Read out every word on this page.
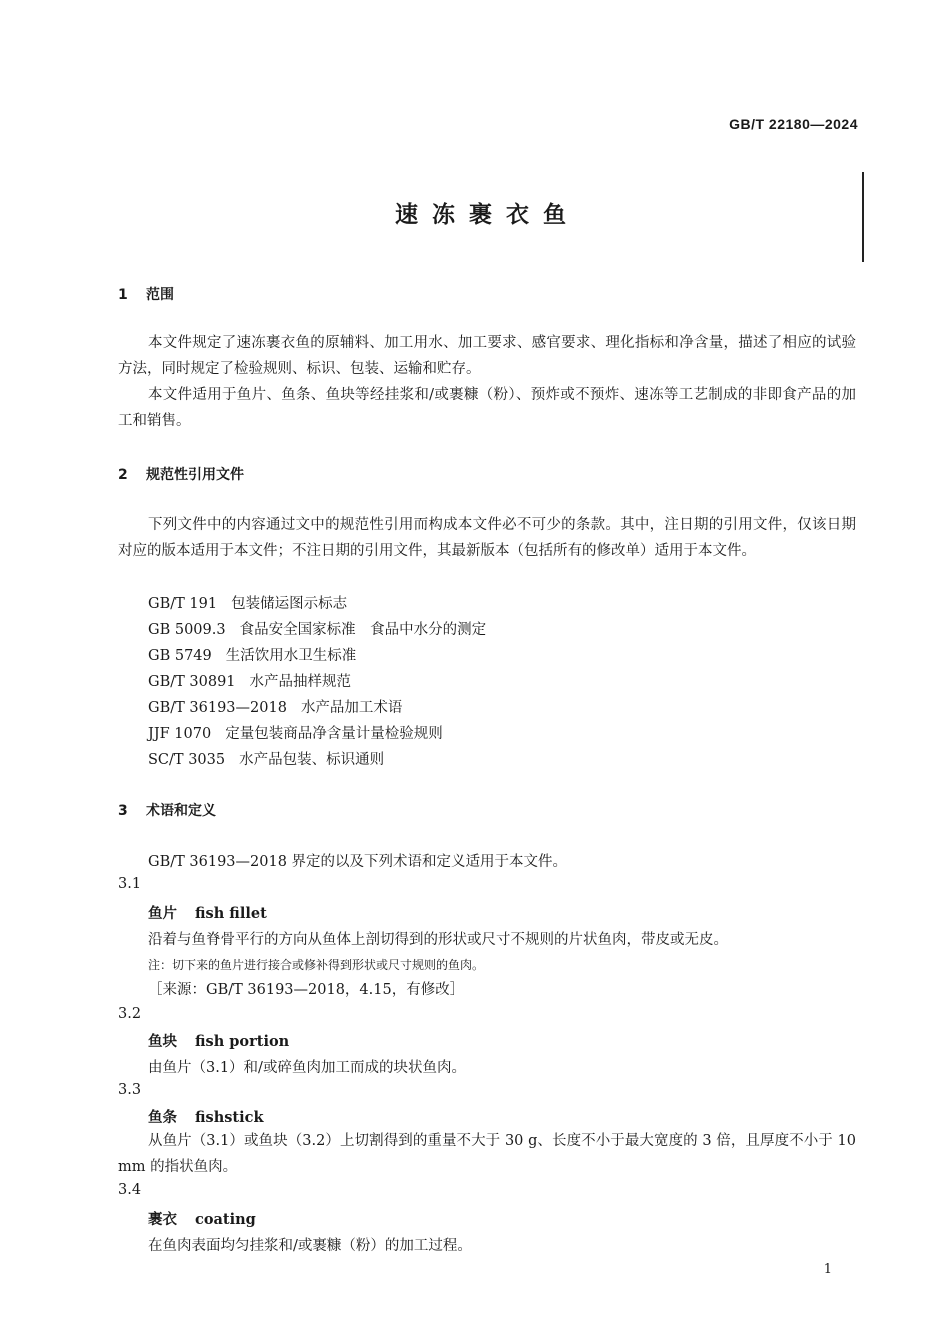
GB/T 22180—2024
速冻裹衣鱼
1 范围
本文件规定了速冻裹衣鱼的原辅料、加工用水、加工要求、感官要求、理化指标和净含量，描述了相应的试验方法，同时规定了检验规则、标识、包装、运输和贮存。
本文件适用于鱼片、鱼条、鱼块等经挂浆和/或裹糠（粉）、预炸或不预炸、速冻等工艺制成的非即食产品的加工和销售。
2 规范性引用文件
下列文件中的内容通过文中的规范性引用而构成本文件必不可少的条款。其中，注日期的引用文件，仅该日期对应的版本适用于本文件；不注日期的引用文件，其最新版本（包括所有的修改单）适用于本文件。
GB/T 191 包装储运图示标志
GB 5009.3 食品安全国家标准　食品中水分的测定
GB 5749 生活饮用水卫生标准
GB/T 30891 水产品抽样规范
GB/T 36193—2018 水产品加工术语
JJF 1070 定量包装商品净含量计量检验规则
SC/T 3035 水产品包装、标识通则
3 术语和定义
GB/T 36193—2018 界定的以及下列术语和定义适用于本文件。
3.1
鱼片 fish fillet
沿着与鱼脊骨平行的方向从鱼体上剖切得到的形状或尺寸不规则的片状鱼肉，带皮或无皮。
注：切下来的鱼片进行接合或修补得到形状或尺寸规则的鱼肉。
［来源：GB/T 36193—2018，4.15，有修改］
3.2
鱼块 fish portion
由鱼片（3.1）和/或碎鱼肉加工而成的块状鱼肉。
3.3
鱼条 fishstick
从鱼片（3.1）或鱼块（3.2）上切割得到的重量不大于 30 g、长度不小于最大宽度的 3 倍，且厚度不小于 10 mm 的指状鱼肉。
3.4
裹衣 coating
在鱼肉表面均匀挂浆和/或裹糠（粉）的加工过程。
1
